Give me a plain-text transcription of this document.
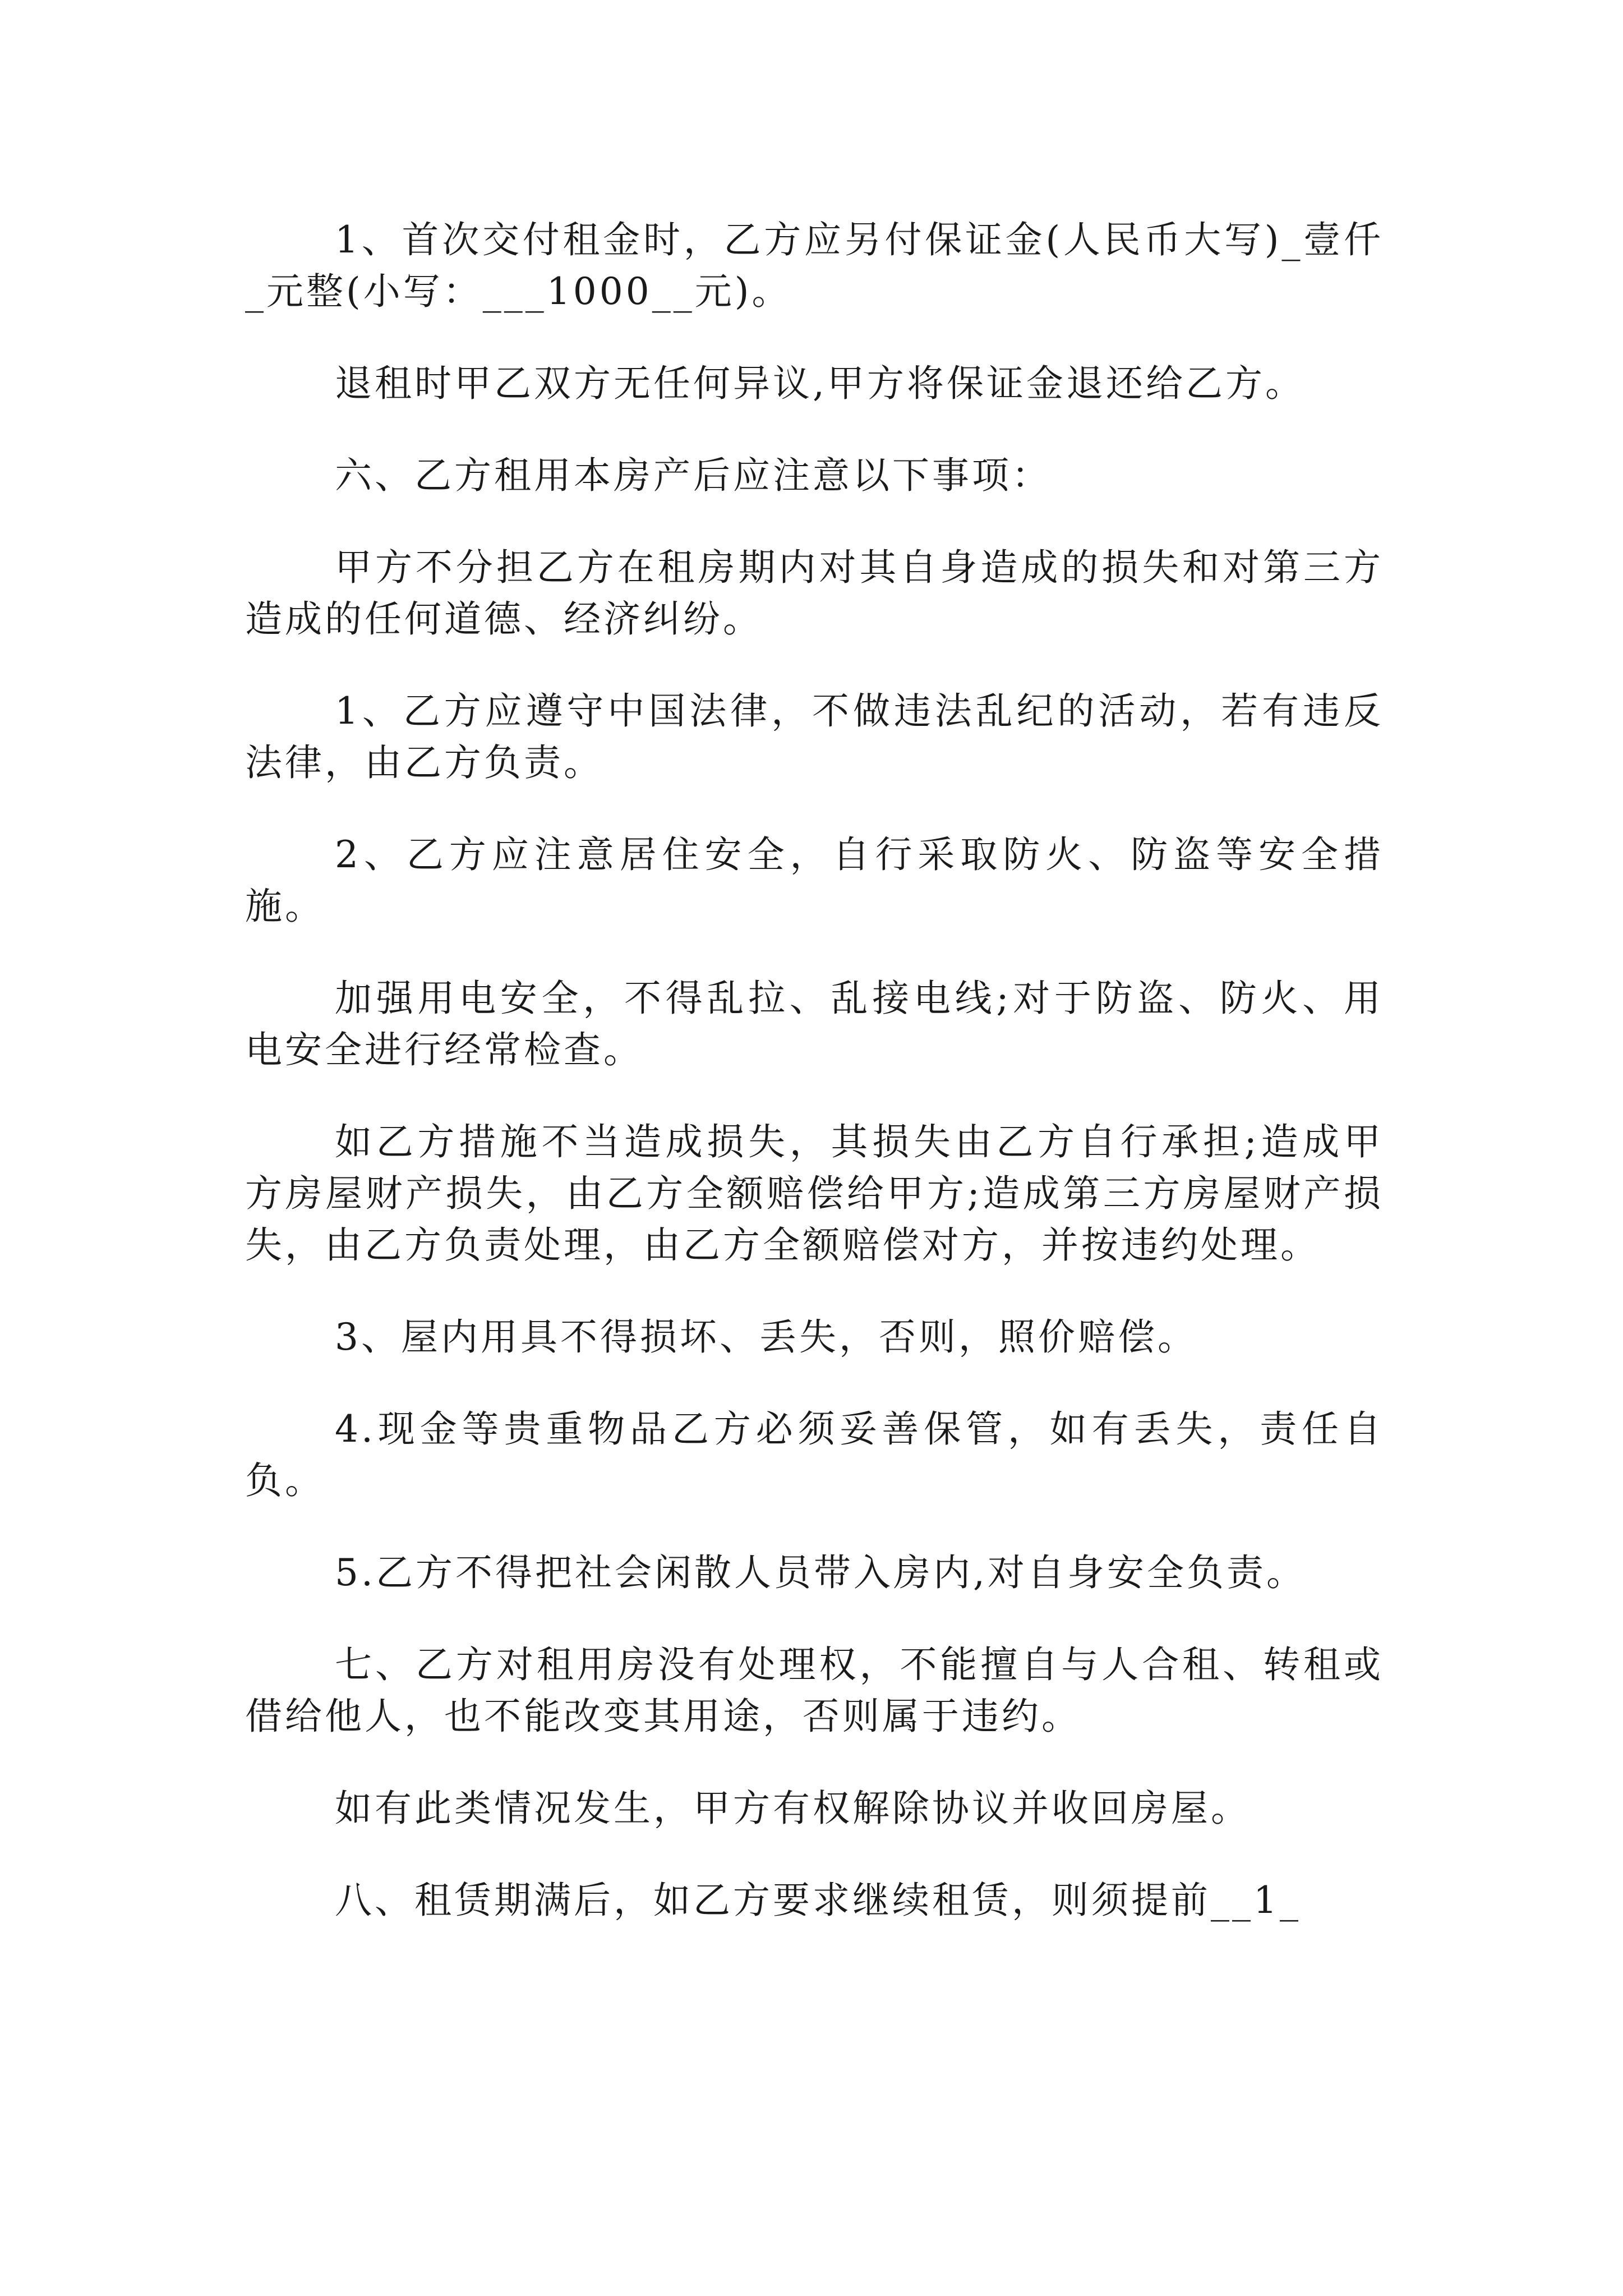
1、首次交付租金时，乙方应另付保证金(人民币大写)_壹仟_元整(小写：___1000__元)。

退租时甲乙双方无任何异议,甲方将保证金退还给乙方。

六、乙方租用本房产后应注意以下事项：

甲方不分担乙方在租房期内对其自身造成的损失和对第三方造成的任何道德、经济纠纷。

1、乙方应遵守中国法律，不做违法乱纪的活动，若有违反法律，由乙方负责。

2、乙方应注意居住安全，自行采取防火、防盗等安全措施。

加强用电安全，不得乱拉、乱接电线;对于防盗、防火、用电安全进行经常检查。

如乙方措施不当造成损失，其损失由乙方自行承担;造成甲方房屋财产损失，由乙方全额赔偿给甲方;造成第三方房屋财产损失，由乙方负责处理，由乙方全额赔偿对方，并按违约处理。

3、屋内用具不得损坏、丢失，否则，照价赔偿。

4.现金等贵重物品乙方必须妥善保管，如有丢失，责任自负。

5.乙方不得把社会闲散人员带入房内,对自身安全负责。

七、乙方对租用房没有处理权，不能擅自与人合租、转租或借给他人，也不能改变其用途，否则属于违约。

如有此类情况发生，甲方有权解除协议并收回房屋。

八、租赁期满后，如乙方要求继续租赁，则须提前__1_
